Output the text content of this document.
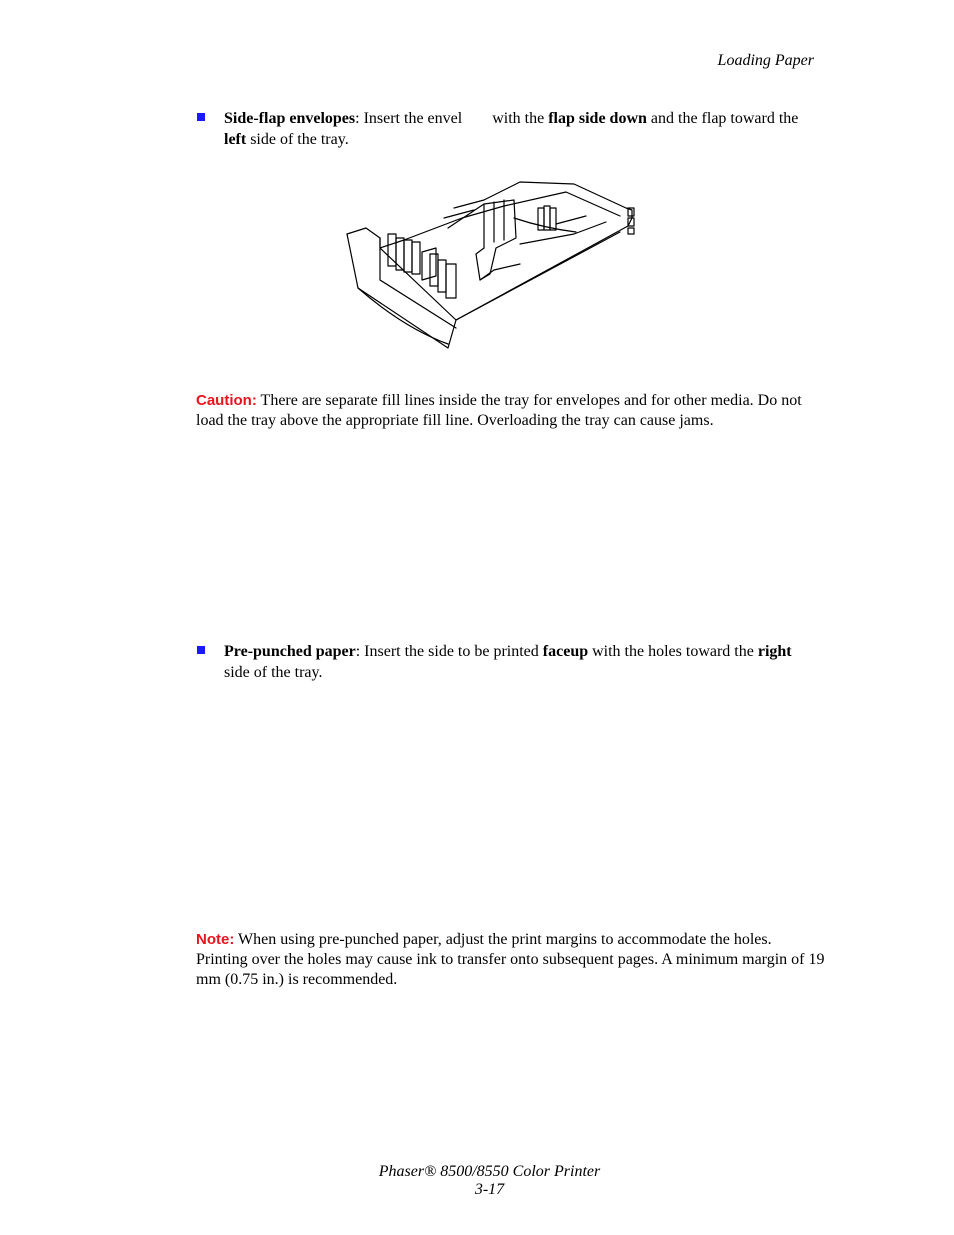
Loading Paper
Side-flap envelopes: Insert the envel with the flap side down and the flap toward the left side of the tray.
Caution: There are separate fill lines inside the tray for envelopes and for other media. Do not load the tray above the appropriate fill line. Overloading the tray can cause jams.
Pre-punched paper: Insert the side to be printed faceup with the holes toward the right side of the tray.
Note: When using pre-punched paper, adjust the print margins to accommodate the holes. Printing over the holes may cause ink to transfer onto subsequent pages. A minimum margin of 19 mm (0.75 in.) is recommended.
Phaser® 8500/8550 Color Printer
3-17
